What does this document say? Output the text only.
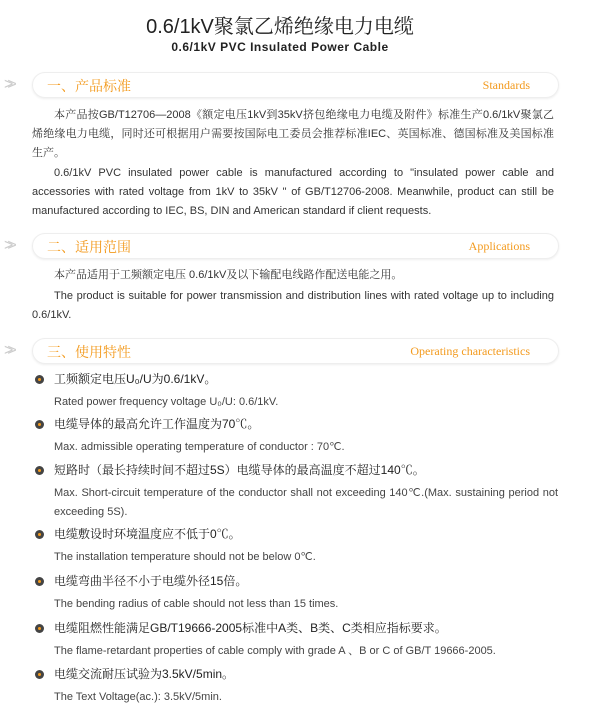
0.6/1kV聚氯乙烯绝缘电力电缆
0.6/1kV PVC Insulated Power Cable
>>	一、产品标准	Standards
本产品按GB/T12706—2008《额定电压1kV到35kV挤包绝缘电力电缆及附件》标准生产0.6/1kV聚氯乙烯绝缘电力电缆，同时还可根据用户需要按国际电工委员会推荐标准IEC、英国标准、德国标准及美国标准生产。
0.6/1kV PVC insulated power cable is manufactured according to "insulated power cable and accessories with rated voltage from 1kV to 35kV " of GB/T12706-2008. Meanwhile, product can still be manufactured according to IEC, BS, DIN and American standard if client requests.
>>	二、适用范围	Applications
本产品适用于工频额定电压 0.6/1kV及以下输配电线路作配送电能之用。
The product is suitable for power transmission and distribution lines with rated voltage up to including 0.6/1kV.
>>	三、使用特性	Operating characteristics
工频额定电压U₀/U为0.6/1kV。
Rated power frequency voltage U₀/U: 0.6/1kV.
电缆导体的最高允许工作温度为70℃。
Max. admissible operating temperature of conductor : 70℃.
短路时（最长持续时间不超过5S）电缆导体的最高温度不超过140℃。
Max. Short-circuit temperature of the conductor shall not exceeding 140℃.(Max. sustaining period not exceeding 5S).
电缆敷设时环境温度应不低于0℃。
The installation temperature should not be below 0℃.
电缆弯曲半径不小于电缆外径15倍。
The bending radius of cable should not less than 15 times.
电缆阻燃性能满足GB/T19666-2005标准中A类、B类、C类相应指标要求。
The flame-retardant properties of cable comply with grade A 、B or C of GB/T 19666-2005.
电缆交流耐压试验为3.5kV/5min。
The Text Voltage(ac.): 3.5kV/5min.
